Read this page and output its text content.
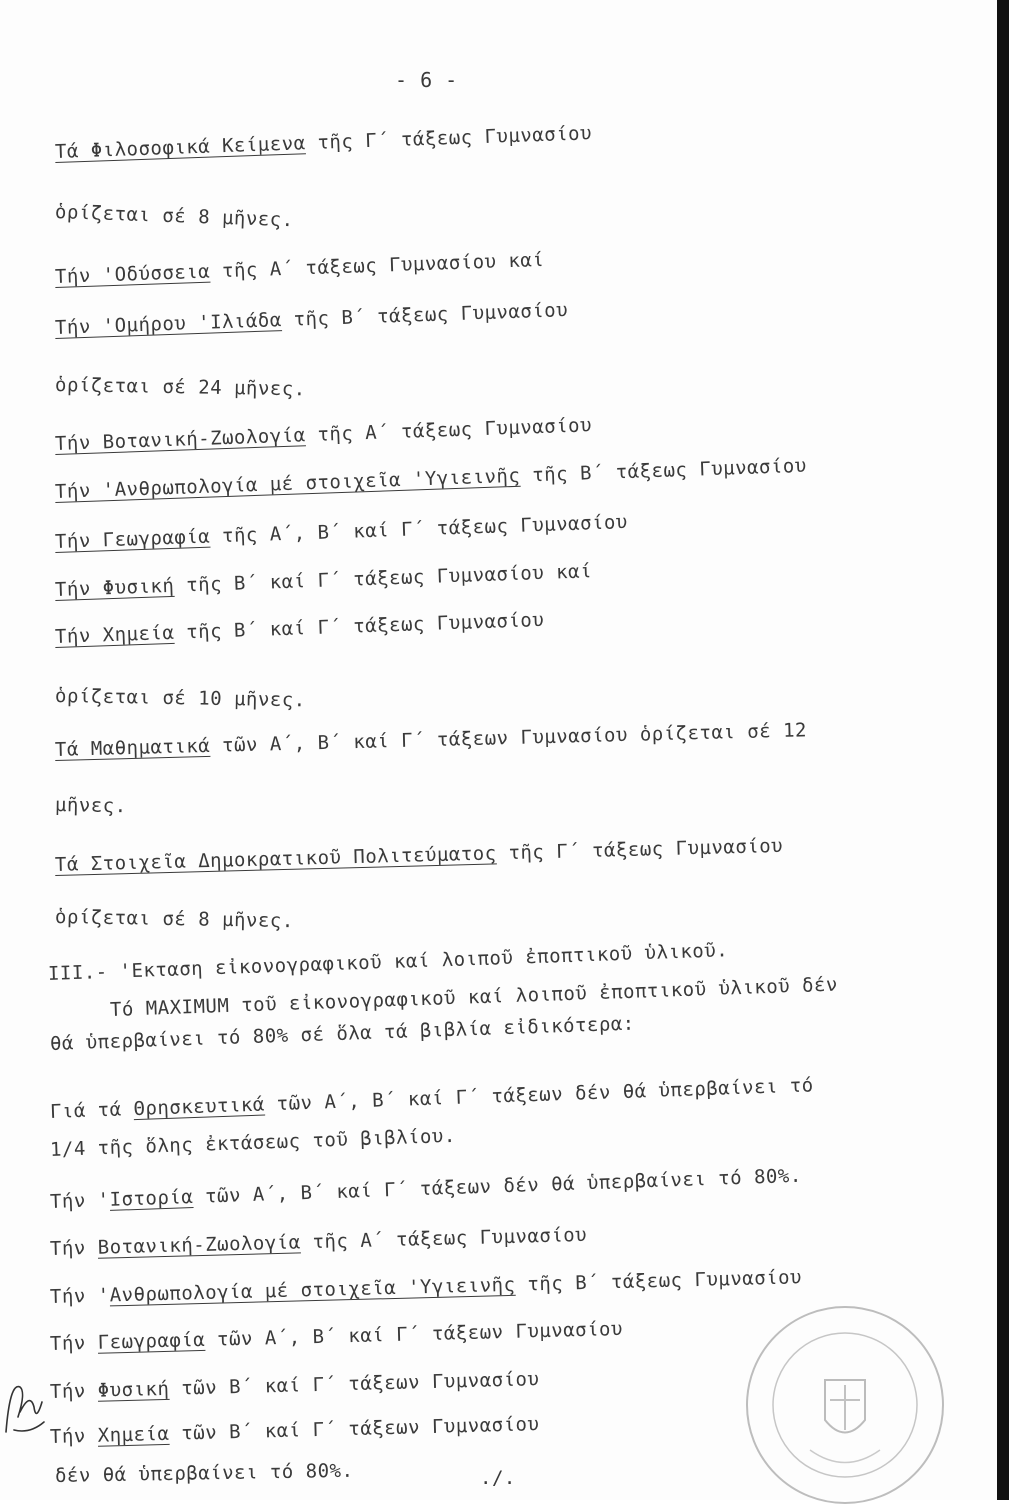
- 6 -
Τά Φιλοσοφικά Κείμενα τῆς Γ΄ τάξεως Γυμνασίου
ὁρίζεται σέ 8 μῆνες.
Τήν 'Οδύσσεια τῆς Α΄ τάξεως Γυμνασίου καί
Τήν 'Ομήρου 'Ιλιάδα τῆς Β΄ τάξεως Γυμνασίου
ὁρίζεται σέ 24 μῆνες.
Τήν Βοτανική-Ζωολογία τῆς Α΄ τάξεως Γυμνασίου
Τήν 'Ανθρωπολογία μέ στοιχεῖα 'Υγιεινῆς τῆς Β΄ τάξεως Γυμνασίου
Τήν Γεωγραφία τῆς Α΄, Β΄ καί Γ΄ τάξεως Γυμνασίου
Τήν Φυσική τῆς Β΄ καί Γ΄ τάξεως Γυμνασίου καί
Τήν Χημεία τῆς Β΄ καί Γ΄ τάξεως Γυμνασίου
ὁρίζεται σέ 10 μῆνες.
Τά Μαθηματικά τῶν Α΄, Β΄ καί Γ΄ τάξεων Γυμνασίου ὁρίζεται σέ 12
μῆνες.
Τά Στοιχεῖα Δημοκρατικοῦ Πολιτεύματος τῆς Γ΄ τάξεως Γυμνασίου
ὁρίζεται σέ 8 μῆνες.
III.- 'Εκταση εἰκονογραφικοῦ καί λοιποῦ ἐποπτικοῦ ὑλικοῦ.
Τό MAXIMUM τοῦ εἰκονογραφικοῦ καί λοιποῦ ἐποπτικοῦ ὑλικοῦ δέν
θά ὑπερβαίνει τό 80% σέ ὅλα τά βιβλία εἰδικότερα:
Γιά τά Θρησκευτικά τῶν Α΄, Β΄ καί Γ΄ τάξεων δέν θά ὑπερβαίνει τό
1/4 τῆς ὅλης ἐκτάσεως τοῦ βιβλίου.
Τήν 'Ιστορία τῶν Α΄, Β΄ καί Γ΄ τάξεων δέν θά ὑπερβαίνει τό 80%.
Τήν Βοτανική-Ζωολογία τῆς Α΄ τάξεως Γυμνασίου
Τήν 'Ανθρωπολογία μέ στοιχεῖα 'Υγιεινῆς τῆς Β΄ τάξεως Γυμνασίου
Τήν Γεωγραφία τῶν Α΄, Β΄ καί Γ΄ τάξεων Γυμνασίου
Τήν Φυσική τῶν Β΄ καί Γ΄ τάξεων Γυμνασίου
Τήν Χημεία τῶν Β΄ καί Γ΄ τάξεων Γυμνασίου
δέν θά ὑπερβαίνει τό 80%.	./.
